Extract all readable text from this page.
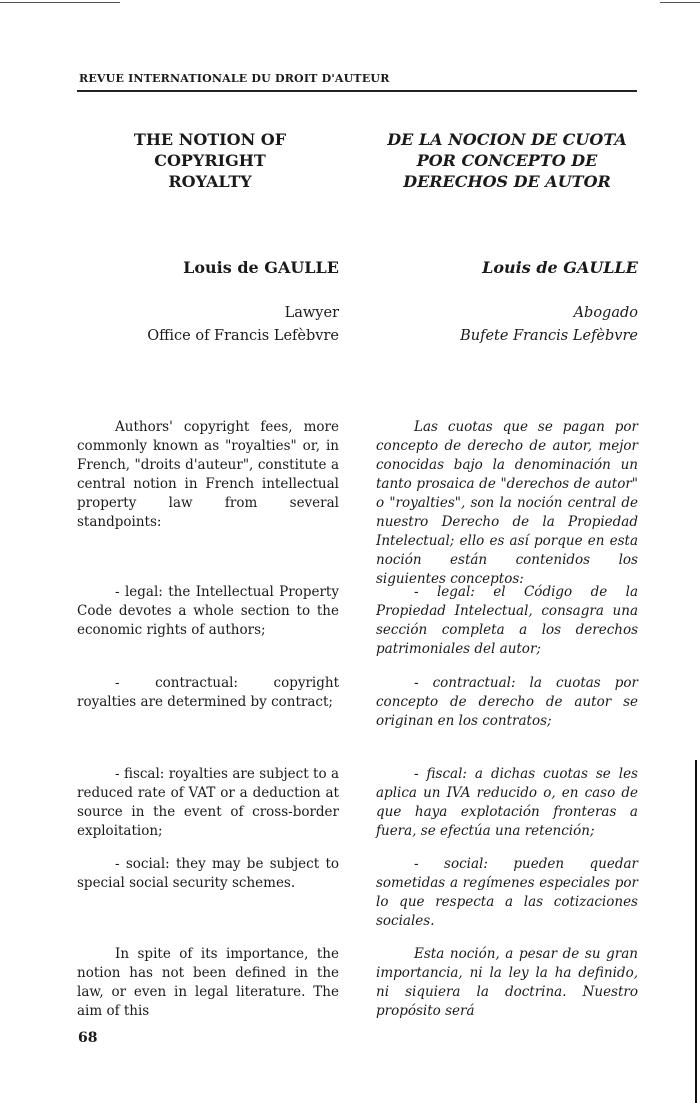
REVUE INTERNATIONALE DU DROIT D'AUTEUR
THE NOTION OF COPYRIGHT ROYALTY
DE LA NOCION DE CUOTA POR CONCEPTO DE DERECHOS DE AUTOR
Louis de GAULLE	Louis de GAULLE
Lawyer
Office of Francis Lefèbvre
Abogado
Bufete Francis Lefèbvre
Authors' copyright fees, more commonly known as "royalties" or, in French, "droits d'auteur", constitute a central notion in French intellectual property law from several standpoints:
- legal: the Intellectual Property Code devotes a whole section to the economic rights of authors;
- contractual: copyright royalties are determined by contract;
- fiscal: royalties are subject to a reduced rate of VAT or a deduction at source in the event of cross-border exploitation;
- social: they may be subject to special social security schemes.
In spite of its importance, the notion has not been defined in the law, or even in legal literature. The aim of this
Las cuotas que se pagan por concepto de derecho de autor, mejor conocidas bajo la denominación un tanto prosaica de "derechos de autor" o "royalties", son la noción central de nuestro Derecho de la Propiedad Intelectual; ello es así porque en esta noción están contenidos los siguientes conceptos:
- legal: el Código de la Propiedad Intelectual, consagra una sección completa a los derechos patrimoniales del autor;
- contractual: la cuotas por concepto de derecho de autor se originan en los contratos;
- fiscal: a dichas cuotas se les aplica un IVA reducido o, en caso de que haya explotación fronteras a fuera, se efectúa una retención;
- social: pueden quedar sometidas a regímenes especiales por lo que respecta a las cotizaciones sociales.
Esta noción, a pesar de su gran importancia, ni la ley la ha definido, ni siquiera la doctrina. Nuestro propósito será
68
